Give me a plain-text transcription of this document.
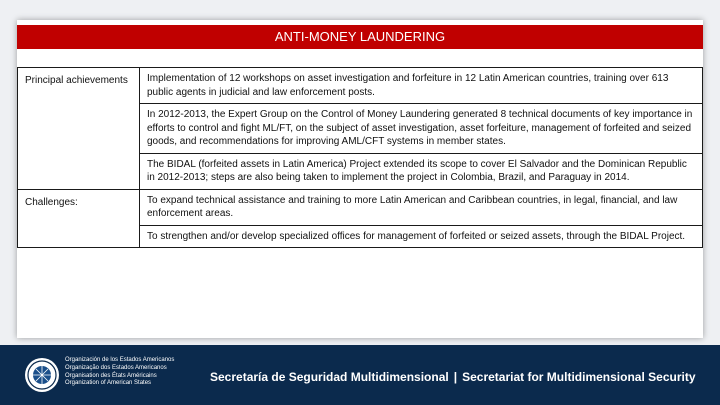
ANTI-MONEY LAUNDERING
Principal achievements	Implementation of 12 workshops on asset investigation and forfeiture in 12 Latin American countries, training over 613 public agents in judicial and law enforcement posts.
	In 2012-2013, the Expert Group on the Control of Money Laundering generated 8 technical documents of key importance in efforts to control and fight ML/FT, on the subject of asset investigation, asset forfeiture, management of forfeited and seized goods, and recommendations for improving AML/CFT systems in member states.
	The BIDAL (forfeited assets in Latin America) Project extended its scope to cover El Salvador and the Dominican Republic in 2012-2013; steps are also being taken to implement the project in Colombia, Brazil, and Paraguay in 2014.
Challenges:	To expand technical assistance and training to more Latin American and Caribbean countries, in legal, financial, and law enforcement areas.
	To strengthen and/or develop specialized offices for management of forfeited or seized assets, through the BIDAL Project.
Organización de los Estados Americanos
Organização dos Estados Americanos
Organisation des États Américains
Organization of American States	Secretaría de Seguridad Multidimensional | Secretariat for Multidimensional Security
